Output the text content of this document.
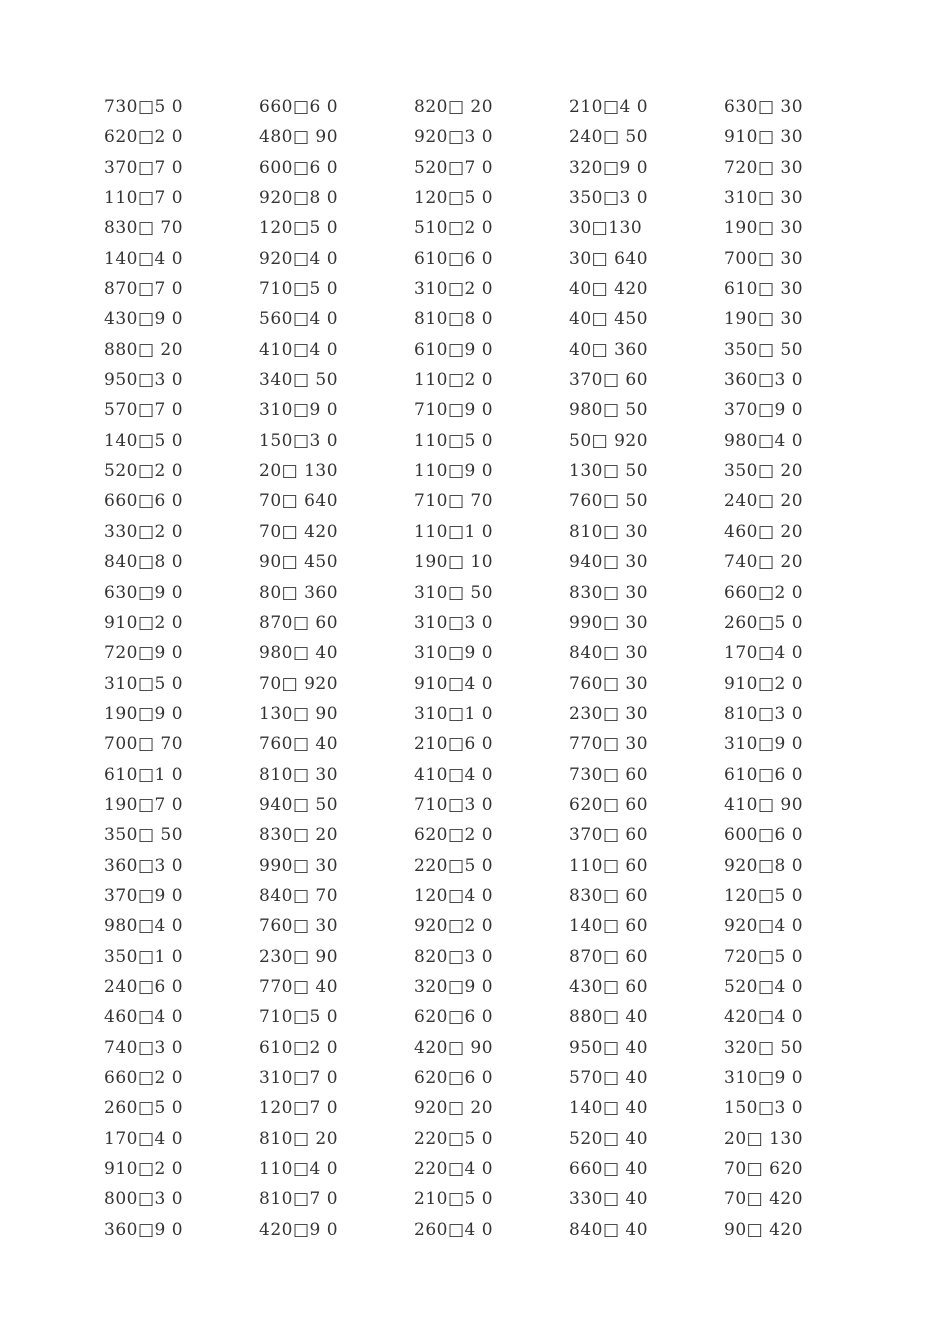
730□5 0	660□6 0	820□ 20	210□4 0	630□ 30
620□2 0	480□ 90	920□3 0	240□ 50	910□ 30
370□7 0	600□6 0	520□7 0	320□9 0	720□ 30
110□7 0	920□8 0	120□5 0	350□3 0	310□ 30
830□ 70	120□5 0	510□2 0	30□130	190□ 30
140□4 0	920□4 0	610□6 0	30□ 640	700□ 30
870□7 0	710□5 0	310□2 0	40□ 420	610□ 30
430□9 0	560□4 0	810□8 0	40□ 450	190□ 30
880□ 20	410□4 0	610□9 0	40□ 360	350□ 50
950□3 0	340□ 50	110□2 0	370□ 60	360□3 0
570□7 0	310□9 0	710□9 0	980□ 50	370□9 0
140□5 0	150□3 0	110□5 0	50□ 920	980□4 0
520□2 0	20□ 130	110□9 0	130□ 50	350□ 20
660□6 0	70□ 640	710□ 70	760□ 50	240□ 20
330□2 0	70□ 420	110□1 0	810□ 30	460□ 20
840□8 0	90□ 450	190□ 10	940□ 30	740□ 20
630□9 0	80□ 360	310□ 50	830□ 30	660□2 0
910□2 0	870□ 60	310□3 0	990□ 30	260□5 0
720□9 0	980□ 40	310□9 0	840□ 30	170□4 0
310□5 0	70□ 920	910□4 0	760□ 30	910□2 0
190□9 0	130□ 90	310□1 0	230□ 30	810□3 0
700□ 70	760□ 40	210□6 0	770□ 30	310□9 0
610□1 0	810□ 30	410□4 0	730□ 60	610□6 0
190□7 0	940□ 50	710□3 0	620□ 60	410□ 90
350□ 50	830□ 20	620□2 0	370□ 60	600□6 0
360□3 0	990□ 30	220□5 0	110□ 60	920□8 0
370□9 0	840□ 70	120□4 0	830□ 60	120□5 0
980□4 0	760□ 30	920□2 0	140□ 60	920□4 0
350□1 0	230□ 90	820□3 0	870□ 60	720□5 0
240□6 0	770□ 40	320□9 0	430□ 60	520□4 0
460□4 0	710□5 0	620□6 0	880□ 40	420□4 0
740□3 0	610□2 0	420□ 90	950□ 40	320□ 50
660□2 0	310□7 0	620□6 0	570□ 40	310□9 0
260□5 0	120□7 0	920□ 20	140□ 40	150□3 0
170□4 0	810□ 20	220□5 0	520□ 40	20□ 130
910□2 0	110□4 0	220□4 0	660□ 40	70□ 620
800□3 0	810□7 0	210□5 0	330□ 40	70□ 420
360□9 0	420□9 0	260□4 0	840□ 40	90□ 420
